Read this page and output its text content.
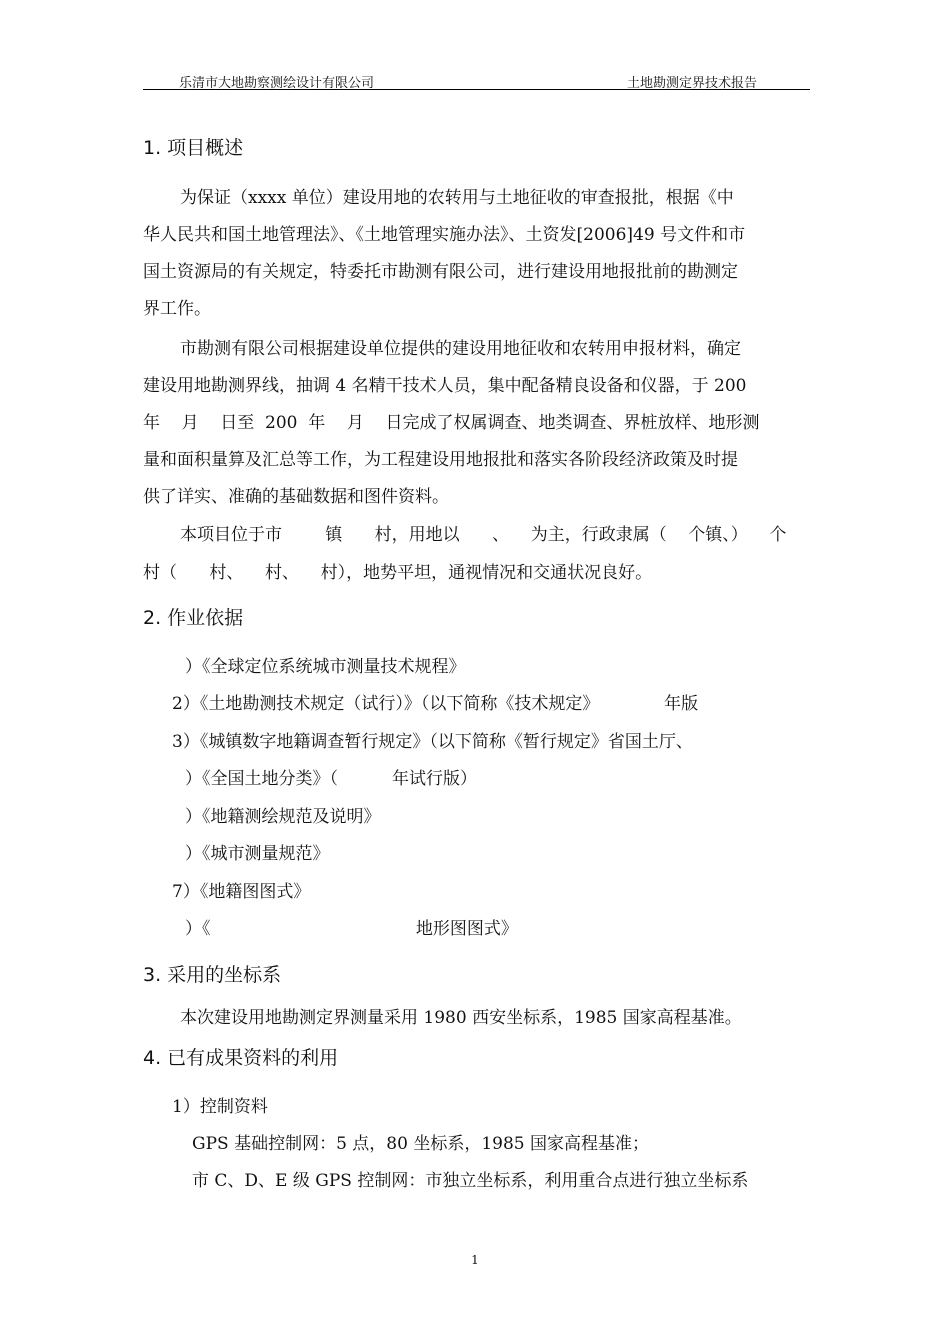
乐清市大地勘察测绘设计有限公司	土地勘测定界技术报告
1. 项目概述
为保证（xxxx 单位）建设用地的农转用与土地征收的审查报批，根据《中
华人民共和国土地管理法》、《土地管理实施办法》、土资发[2006]49 号文件和市
国土资源局的有关规定，特委托市勘测有限公司，进行建设用地报批前的勘测定
界工作。
市勘测有限公司根据建设单位提供的建设用地征收和农转用申报材料，确定
建设用地勘测界线，抽调 4 名精干技术人员，集中配备精良设备和仪器，于 200
年    月    日至  200  年    月    日完成了权属调查、地类调查、界桩放样、地形测
量和面积量算及汇总等工作，为工程建设用地报批和落实各阶段经济政策及时提
供了详实、准确的基础数据和图件资料。
本项目位于市        镇      村，用地以      、    为主，行政隶属（    个镇、）    个
村（      村、    村、    村），地势平坦，通视情况和交通状况良好。
2. 作业依据
）《全球定位系统城市测量技术规程》
2）《土地勘测技术规定（试行）》（以下简称《技术规定》            年版
3）《城镇数字地籍调查暂行规定》（以下简称《暂行规定》省国土厅、
）《全国土地分类》（          年试行版）
）《地籍测绘规范及说明》
）《城市测量规范》
7）《地籍图图式》
）《                                      地形图图式》
3. 采用的坐标系
本次建设用地勘测定界测量采用 1980 西安坐标系，1985 国家高程基准。
4. 已有成果资料的利用
1）控制资料
GPS 基础控制网：5 点，80 坐标系，1985 国家高程基准；
市 C、D、E 级 GPS 控制网：市独立坐标系，利用重合点进行独立坐标系
1
